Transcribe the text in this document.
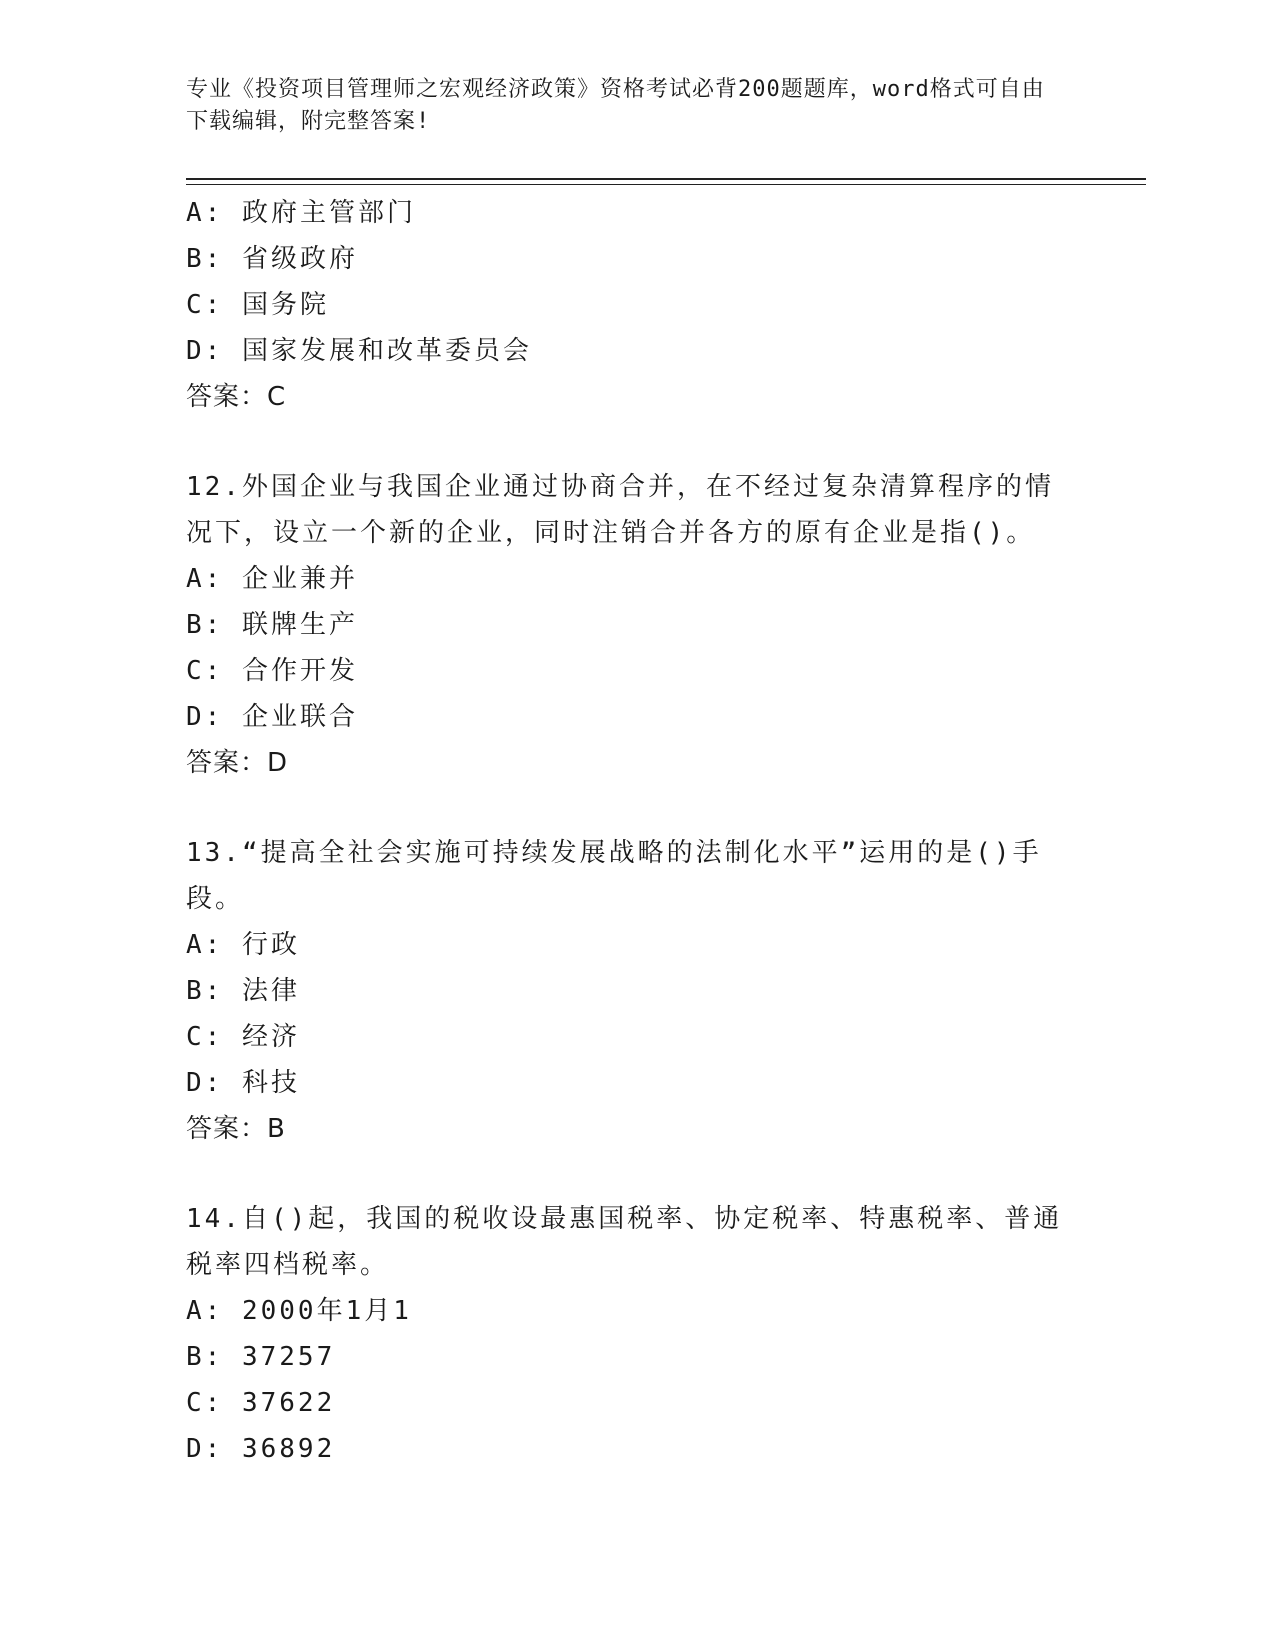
专业《投资项目管理师之宏观经济政策》资格考试必背200题题库，word格式可自由下载编辑，附完整答案!
A: 政府主管部门
B: 省级政府
C: 国务院
D: 国家发展和改革委员会
答案：C
12.外国企业与我国企业通过协商合并，在不经过复杂清算程序的情况下，设立一个新的企业，同时注销合并各方的原有企业是指()。
A: 企业兼并
B: 联牌生产
C: 合作开发
D: 企业联合
答案：D
13.“提高全社会实施可持续发展战略的法制化水平”运用的是()手段。
A: 行政
B: 法律
C: 经济
D: 科技
答案：B
14.自()起，我国的税收设最惠国税率、协定税率、特惠税率、普通税率四档税率。
A: 2000年1月1
B: 37257
C: 37622
D: 36892
